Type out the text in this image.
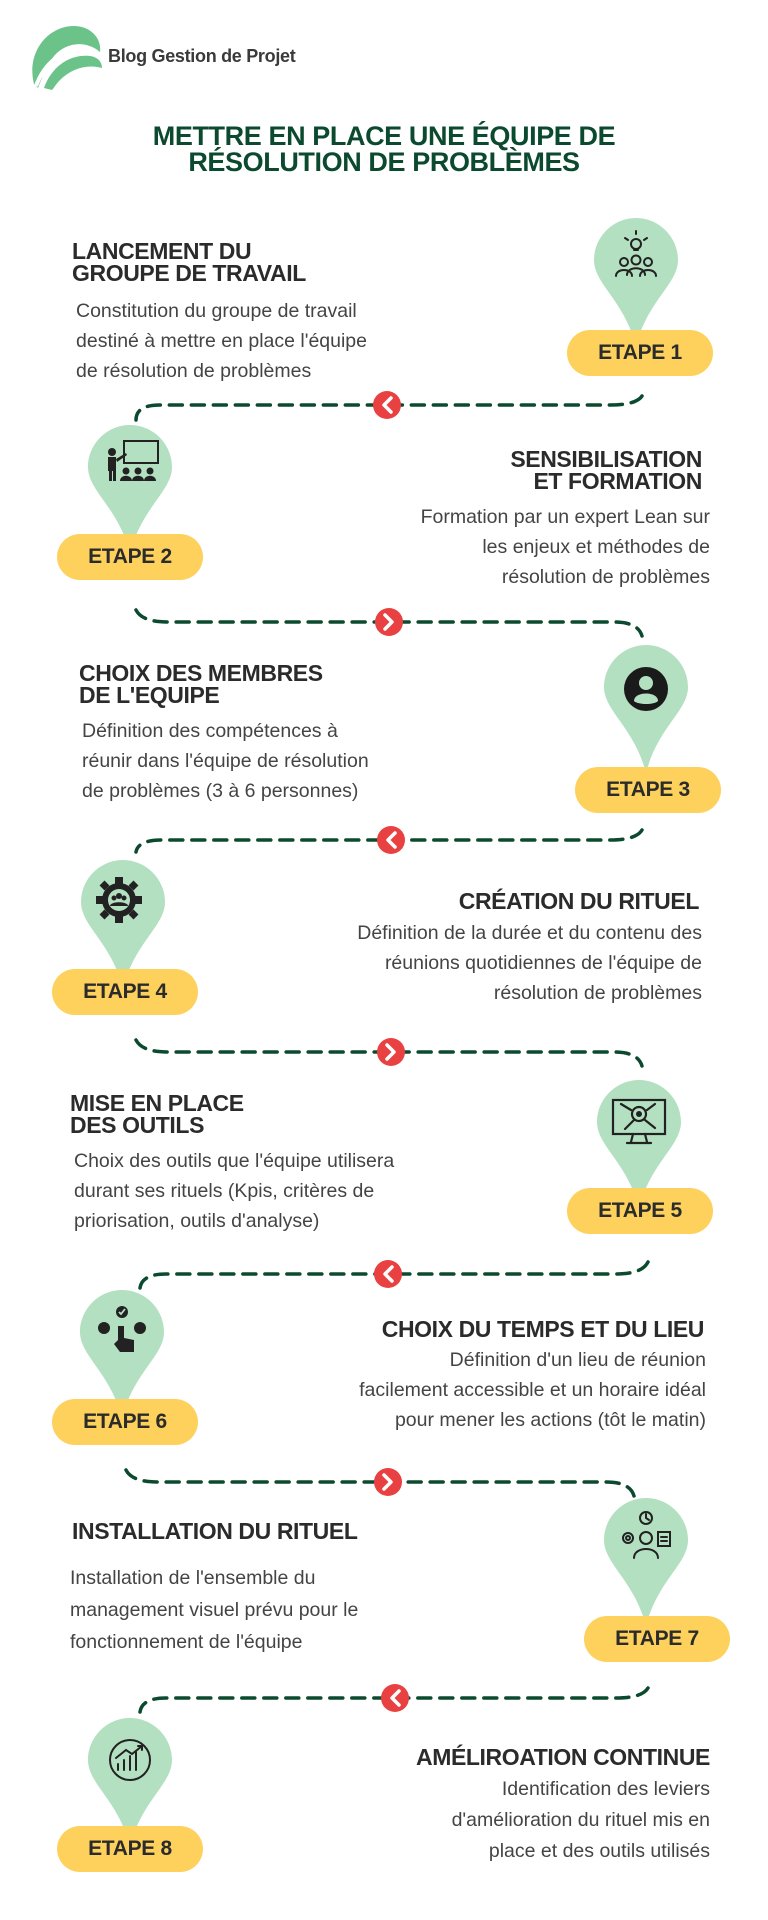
Blog Gestion de Projet
METTRE EN PLACE UNE ÉQUIPE DE
RÉSOLUTION DE PROBLÈMES
LANCEMENT DU
GROUPE DE TRAVAIL
Constitution du groupe de travail
destiné à mettre en place l'équipe
de résolution de problèmes
ETAPE 1
ETAPE 2
SENSIBILISATION
ET FORMATION
Formation par un expert Lean sur
les enjeux et méthodes de
résolution de problèmes
CHOIX DES MEMBRES
DE L'EQUIPE
Définition des compétences à
réunir dans l'équipe de résolution
de problèmes (3 à 6 personnes)	ETAPE 3
ETAPE 4
CRÉATION DU RITUEL
Définition de la durée et du contenu des
réunions quotidiennes de l'équipe de
résolution de problèmes
MISE EN PLACE
DES OUTILS
Choix des outils que l'équipe utilisera
durant ses rituels (Kpis, critères de
priorisation, outils d'analyse)	ETAPE 5
ETAPE 6
CHOIX DU TEMPS ET DU LIEU
Définition d'un lieu de réunion
facilement accessible et un horaire idéal
pour mener les actions (tôt le matin)
INSTALLATION DU RITUEL
Installation de l'ensemble du
management visuel prévu pour le
fonctionnement de l'équipe	ETAPE 7
ETAPE 8
AMÉLIROATION CONTINUE
Identification des leviers
d'amélioration du rituel mis en
place et des outils utilisés
